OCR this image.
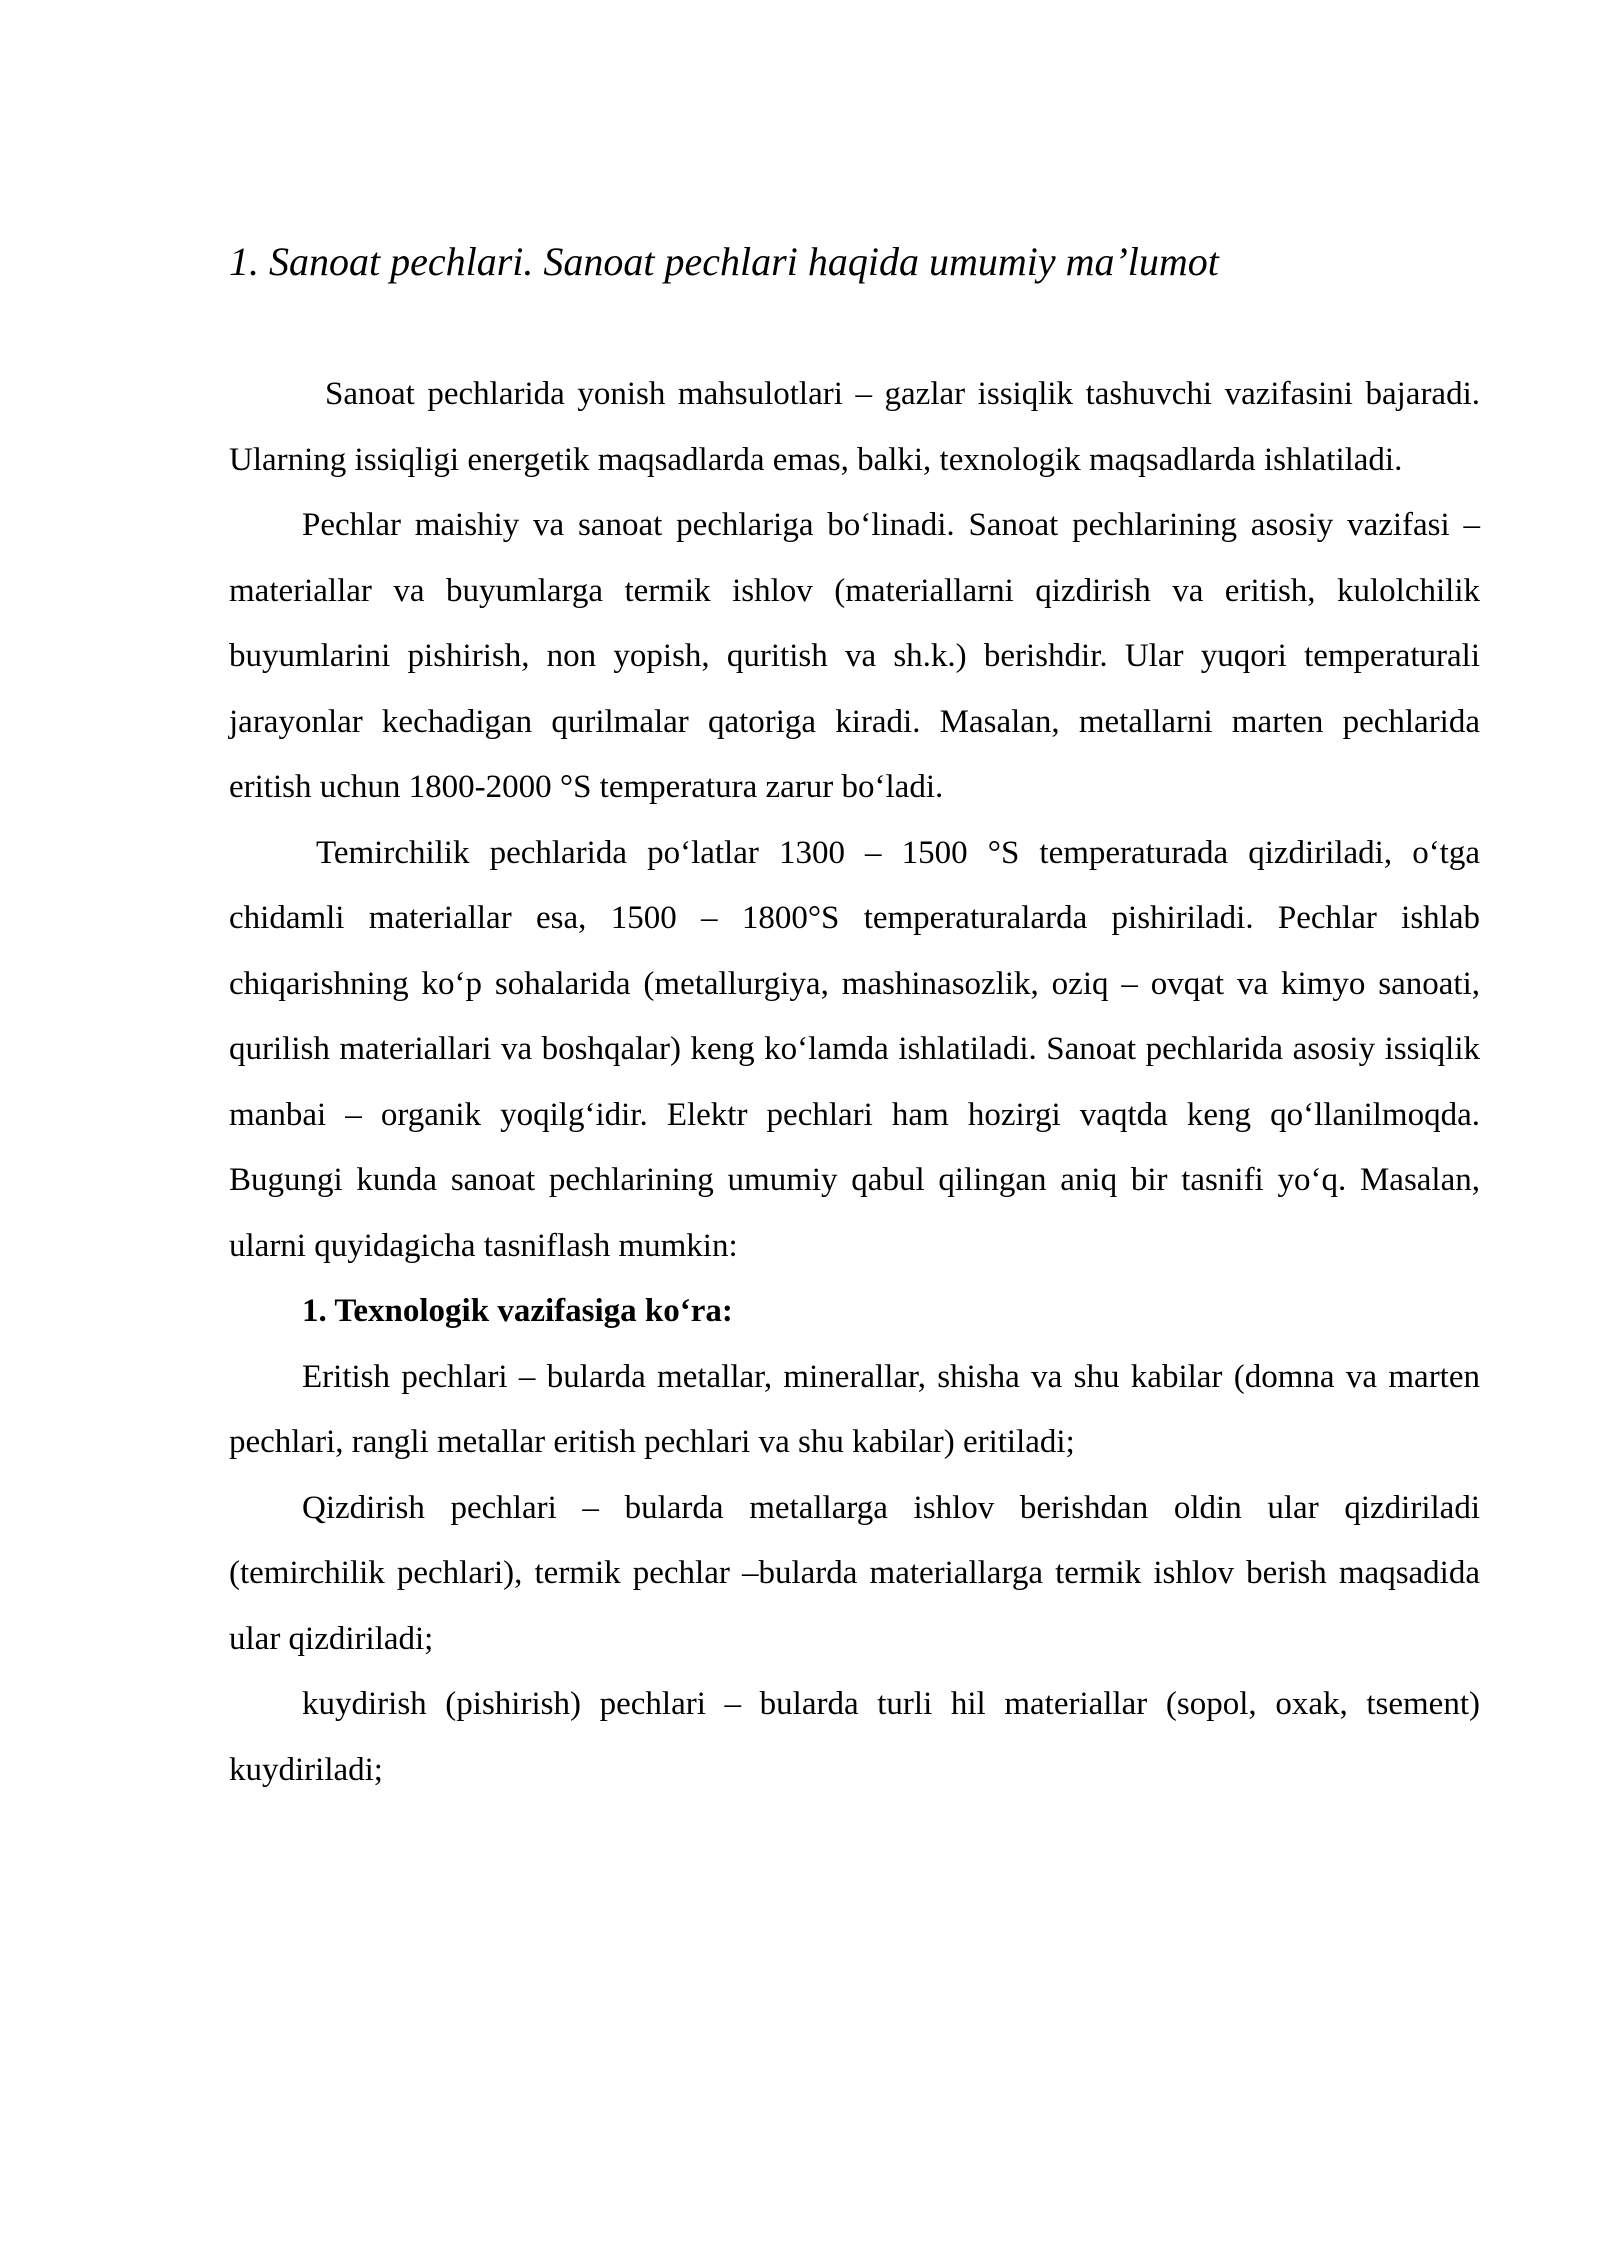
1. Sanoat pechlari. Sanoat pechlari haqida umumiy ma’lumot

Sanoat pechlarida yonish mahsulotlari – gazlar issiqlik tashuvchi vazifasini bajaradi. Ularning issiqligi energetik maqsadlarda emas, balki, texnologik maqsadlarda ishlatiladi.

Pechlar maishiy va sanoat pechlariga bo‘linadi. Sanoat pechlarining asosiy vazifasi – materiallar va buyumlarga termik ishlov (materiallarni qizdirish va eritish, kulolchilik buyumlarini pishirish, non yopish, quritish va sh.k.) berishdir. Ular yuqori temperaturali jarayonlar kechadigan qurilmalar qatoriga kiradi. Masalan, metallarni marten pechlarida eritish uchun 1800-2000 °S temperatura zarur bo‘ladi.

Temirchilik pechlarida po‘latlar 1300 – 1500 °S temperaturada qizdiriladi, o‘tga chidamli materiallar esa, 1500 – 1800°S temperaturalarda pishiriladi. Pechlar ishlab chiqarishning ko‘p sohalarida (metallurgiya, mashinasozlik, oziq – ovqat va kimyo sanoati, qurilish materiallari va boshqalar) keng ko‘lamda ishlatiladi. Sanoat pechlarida asosiy issiqlik manbai – organik yoqilg‘idir. Elektr pechlari ham hozirgi vaqtda keng qo‘llanilmoqda. Bugungi kunda sanoat pechlarining umumiy qabul qilingan aniq bir tasnifi yo‘q. Masalan, ularni quyidagicha tasniflash mumkin:

1. Texnologik vazifasiga ko‘ra:

Eritish pechlari – bularda metallar, minerallar, shisha va shu kabilar (domna va marten pechlari, rangli metallar eritish pechlari va shu kabilar) eritiladi;

Qizdirish pechlari – bularda metallarga ishlov berishdan oldin ular qizdiriladi (temirchilik pechlari), termik pechlar –bularda materiallarga termik ishlov berish maqsadida ular qizdiriladi;

kuydirish (pishirish) pechlari – bularda turli hil materiallar (sopol, oxak, tsement) kuydiriladi;
